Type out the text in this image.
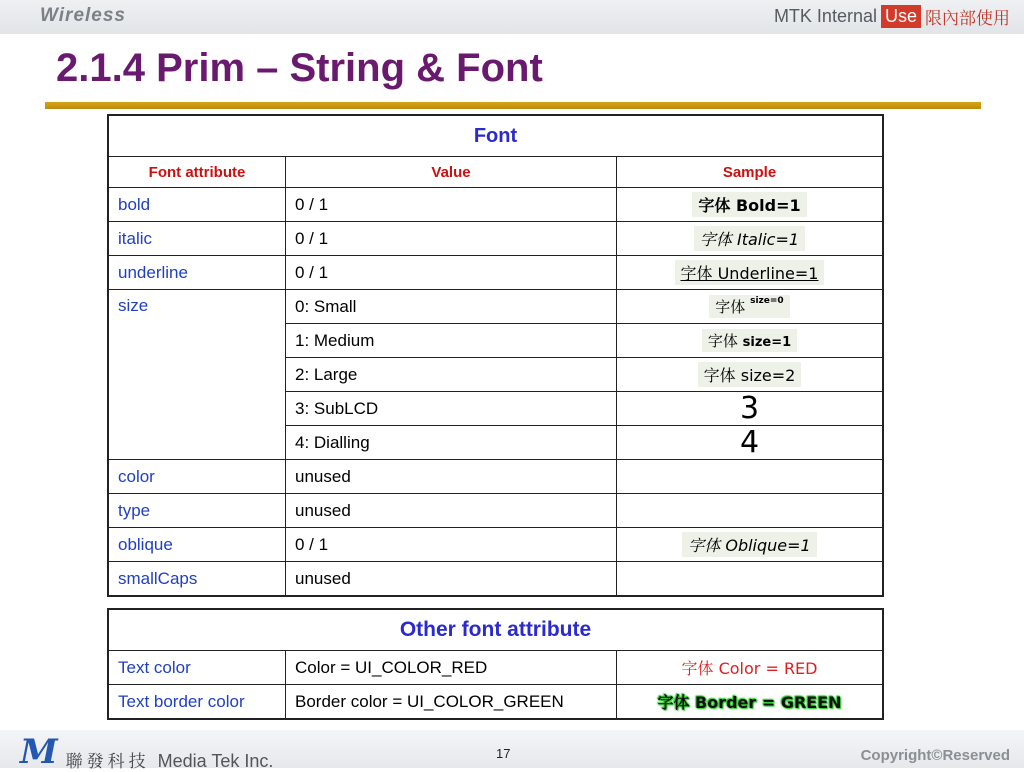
Wireless	MTK Internal Use 限內部使用
2.1.4 Prim – String & Font
Font		
Font attribute	Value	Sample
bold	0 / 1	字体 Bold=1
italic	0 / 1	字体 Italic=1
underline	0 / 1	字体 Underline=1
size	0: Small	字体 $^{size=0}$
	1: Medium	字体 size=1
	2: Large	字体 size=2
	3: SubLCD	3
	4: Dialling	4
color	unused	
type	unused	
oblique	0 / 1	字体 Oblique=1
smallCaps	unused	
Other font attribute		
Text color	Color = UI_COLOR_RED	字体 Color = RED
Text border color	Border color = UI_COLOR_GREEN	字体 Border = GREEN
M 聯發科技 Media Tek Inc.	17	Copyright©Reserved
